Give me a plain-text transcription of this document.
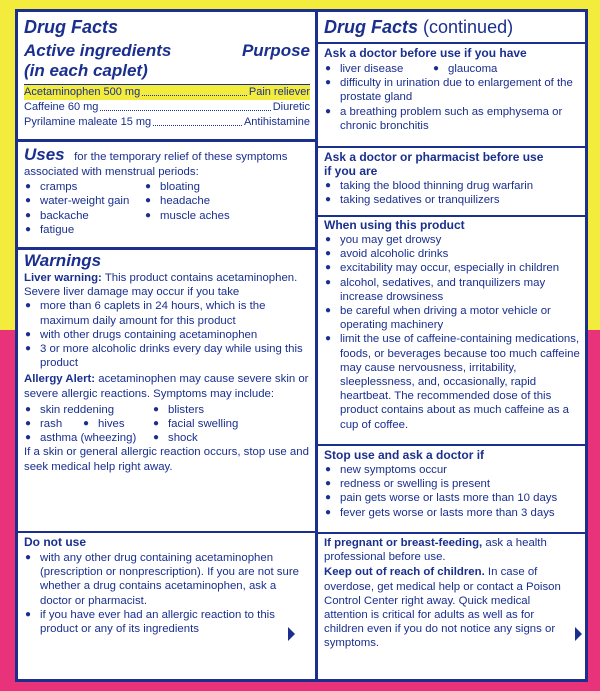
Drug Facts
Active ingredients
(in each caplet)
Purpose
Acetaminophen 500 mg	Pain reliever
Caffeine 60 mg	Diuretic
Pyrilamine maleate 15 mg	Antihistamine
Uses for the temporary relief of these symptoms associated with menstrual periods:
● cramps	● bloating
● water-weight gain	● headache
● backache	● muscle aches
● fatigue
Warnings
Liver warning: This product contains acetaminophen. Severe liver damage may occur if you take
● more than 6 caplets in 24 hours, which is the maximum daily amount for this product
● with other drugs containing acetaminophen
● 3 or more alcoholic drinks every day while using this product
Allergy Alert: acetaminophen may cause severe skin or severe allergic reactions. Symptoms may include:
● skin reddening	● blisters
● rash	● hives	● facial swelling
● asthma (wheezing)	● shock
If a skin or general allergic reaction occurs, stop use and seek medical help right away.
Do not use
● with any other drug containing acetaminophen (prescription or nonprescription). If you are not sure whether a drug contains acetaminophen, ask a doctor or pharmacist.
● if you have ever had an allergic reaction to this product or any of its ingredients
Drug Facts (continued)
Ask a doctor before use if you have
● liver disease	● glaucoma
● difficulty in urination due to enlargement of the prostate gland
● a breathing problem such as emphysema or chronic bronchitis
Ask a doctor or pharmacist before use if you are
● taking the blood thinning drug warfarin
● taking sedatives or tranquilizers
When using this product
● you may get drowsy
● avoid alcoholic drinks
● excitability may occur, especially in children
● alcohol, sedatives, and tranquilizers may increase drowsiness
● be careful when driving a motor vehicle or operating machinery
● limit the use of caffeine-containing medications, foods, or beverages because too much caffeine may cause nervousness, irritability, sleeplessness, and, occasionally, rapid heartbeat. The recommended dose of this product contains about as much caffeine as a cup of coffee.
Stop use and ask a doctor if
● new symptoms occur
● redness or swelling is present
● pain gets worse or lasts more than 10 days
● fever gets worse or lasts more than 3 days
If pregnant or breast-feeding, ask a health professional before use.
Keep out of reach of children. In case of overdose, get medical help or contact a Poison Control Center right away. Quick medical attention is critical for adults as well as for children even if you do not notice any signs or symptoms.
